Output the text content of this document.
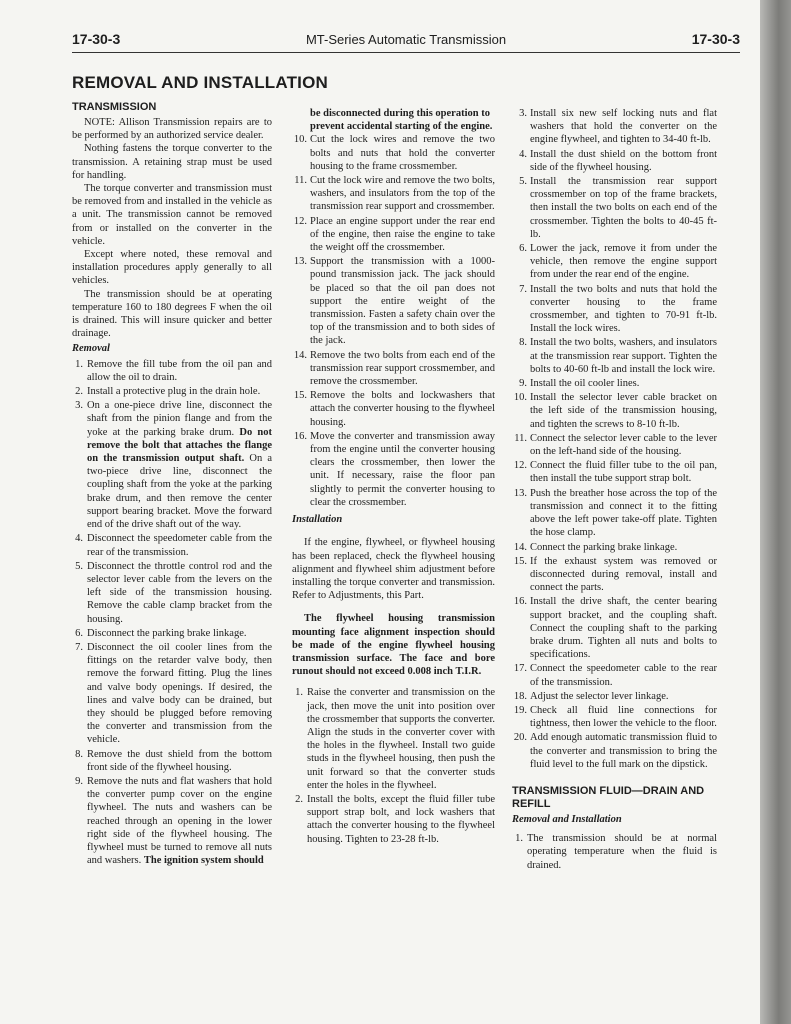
17-30-3	MT-Series Automatic Transmission	17-30-3
REMOVAL AND INSTALLATION
TRANSMISSION

NOTE: Allison Transmission repairs are to be performed by an authorized service dealer.

Nothing fastens the torque converter to the transmission. A retaining strap must be used for handling.

The torque converter and transmission must be removed from and installed in the vehicle as a unit. The transmission cannot be removed from or installed on the converter in the vehicle.

Except where noted, these removal and installation procedures apply generally to all vehicles.

The transmission should be at operating temperature 160 to 180 degrees F when the oil is drained. This will insure quicker and better drainage.

Removal
1. Remove the fill tube from the oil pan and allow the oil to drain.
2. Install a protective plug in the drain hole.
3. On a one-piece drive line, disconnect the shaft from the pinion flange and from the yoke at the parking brake drum. Do not remove the bolt that attaches the flange on the transmission output shaft. On a two-piece drive line, disconnect the coupling shaft from the yoke at the parking brake drum, and then remove the center support bearing bracket. Move the forward end of the drive shaft out of the way.
4. Disconnect the speedometer cable from the rear of the transmission.
5. Disconnect the throttle control rod and the selector lever cable from the levers on the left side of the transmission housing. Remove the cable clamp bracket from the housing.
6. Disconnect the parking brake linkage.
7. Disconnect the oil cooler lines from the fittings on the retarder valve body, then remove the forward fitting. Plug the lines and valve body openings. If desired, the lines and valve body can be drained, but they should be plugged before removing the converter and transmission from the vehicle.
8. Remove the dust shield from the bottom front side of the flywheel housing.
9. Remove the nuts and flat washers that hold the converter pump cover on the engine flywheel. The nuts and washers can be reached through an opening in the lower right side of the flywheel housing. The flywheel must be turned to remove all nuts and washers. The ignition system should

be disconnected during this operation to prevent accidental starting of the engine.

10. Cut the lock wires and remove the two bolts and nuts that hold the converter housing to the frame crossmember.
11. Cut the lock wire and remove the two bolts, washers, and insulators from the top of the transmission rear support and crossmember.
12. Place an engine support under the rear end of the engine, then raise the engine to take the weight off the crossmember.
13. Support the transmission with a 1000-pound transmission jack. The jack should be placed so that the oil pan does not support the entire weight of the transmission. Fasten a safety chain over the top of the transmission and to both sides of the jack.
14. Remove the two bolts from each end of the transmission rear support crossmember, and remove the crossmember.
15. Remove the bolts and lockwashers that attach the converter housing to the flywheel housing.
16. Move the converter and transmission away from the engine until the converter housing clears the crossmember, then lower the unit. If necessary, raise the floor pan slightly to permit the converter housing to clear the crossmember.
Installation

If the engine, flywheel, or flywheel housing has been replaced, check the flywheel housing alignment and flywheel shim adjustment before installing the torque converter and transmission. Refer to Adjustments, this Part.

The flywheel housing transmission mounting face alignment inspection should be made of the engine flywheel housing transmission surface. The face and bore runout should not exceed 0.008 inch T.I.R.

1. Raise the converter and transmission on the jack, then move the unit into position over the crossmember that supports the converter. Align the studs in the converter cover with the holes in the flywheel. Install two guide studs in the flywheel housing, then push the unit forward so that the converter studs enter the holes in the flywheel.
2. Install the bolts, except the fluid filler tube support strap bolt, and lock washers that attach the converter housing to the flywheel housing. Tighten to 23-28 ft-lb.
3. Install six new self locking nuts and flat washers that hold the converter on the engine flywheel, and tighten to 34-40 ft-lb.
4. Install the dust shield on the bottom front side of the flywheel housing.
5. Install the transmission rear support crossmember on top of the frame brackets, then install the two bolts on each end of the crossmember. Tighten the bolts to 40-45 ft-lb.
6. Lower the jack, remove it from under the vehicle, then remove the engine support from under the rear end of the engine.
7. Install the two bolts and nuts that hold the converter housing to the frame crossmember, and tighten to 70-91 ft-lb. Install the lock wires.
8. Install the two bolts, washers, and insulators at the transmission rear support. Tighten the bolts to 40-60 ft-lb and install the lock wire.
9. Install the oil cooler lines.
10. Install the selector lever cable bracket on the left side of the transmission housing, and tighten the screws to 8-10 ft-lb.
11. Connect the selector lever cable to the lever on the left-hand side of the housing.
12. Connect the fluid filler tube to the oil pan, then install the tube support strap bolt.
13. Push the breather hose across the top of the transmission and connect it to the fitting above the left power take-off plate. Tighten the hose clamp.
14. Connect the parking brake linkage.
15. If the exhaust system was removed or disconnected during removal, install and connect the parts.
16. Install the drive shaft, the center bearing support bracket, and the coupling shaft. Connect the coupling shaft to the parking brake drum. Tighten all nuts and bolts to specifications.
17. Connect the speedometer cable to the rear of the transmission.
18. Adjust the selector lever linkage.
19. Check all fluid line connections for tightness, then lower the vehicle to the floor.
20. Add enough automatic transmission fluid to the converter and transmission to bring the fluid level to the full mark on the dipstick.
TRANSMISSION FLUID—DRAIN AND REFILL
Removal and Installation
1. The transmission should be at normal operating temperature when the fluid is drained.
